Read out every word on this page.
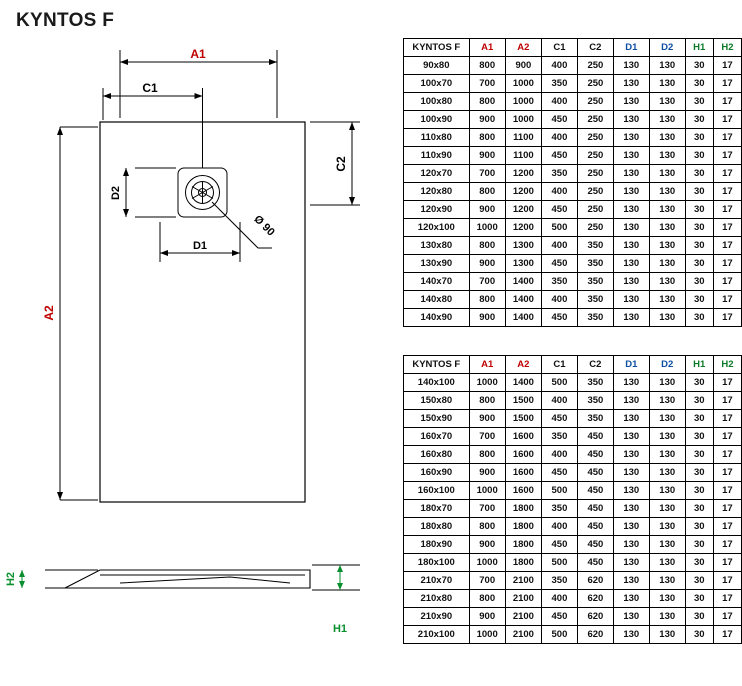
KYNTOS F
A1
C1
C2
A2
D2
D1
Ø 90
H2
H1
KYNTOS F	A1	A2	C1	C2	D1	D2	H1	H2
90x80	800	900	400	250	130	130	30	17
100x70	700	1000	350	250	130	130	30	17
100x80	800	1000	400	250	130	130	30	17
100x90	900	1000	450	250	130	130	30	17
110x80	800	1100	400	250	130	130	30	17
110x90	900	1100	450	250	130	130	30	17
120x70	700	1200	350	250	130	130	30	17
120x80	800	1200	400	250	130	130	30	17
120x90	900	1200	450	250	130	130	30	17
120x100	1000	1200	500	250	130	130	30	17
130x80	800	1300	400	350	130	130	30	17
130x90	900	1300	450	350	130	130	30	17
140x70	700	1400	350	350	130	130	30	17
140x80	800	1400	400	350	130	130	30	17
140x90	900	1400	450	350	130	130	30	17
KYNTOS F	A1	A2	C1	C2	D1	D2	H1	H2
140x100	1000	1400	500	350	130	130	30	17
150x80	800	1500	400	350	130	130	30	17
150x90	900	1500	450	350	130	130	30	17
160x70	700	1600	350	450	130	130	30	17
160x80	800	1600	400	450	130	130	30	17
160x90	900	1600	450	450	130	130	30	17
160x100	1000	1600	500	450	130	130	30	17
180x70	700	1800	350	450	130	130	30	17
180x80	800	1800	400	450	130	130	30	17
180x90	900	1800	450	450	130	130	30	17
180x100	1000	1800	500	450	130	130	30	17
210x70	700	2100	350	620	130	130	30	17
210x80	800	2100	400	620	130	130	30	17
210x90	900	2100	450	620	130	130	30	17
210x100	1000	2100	500	620	130	130	30	17
